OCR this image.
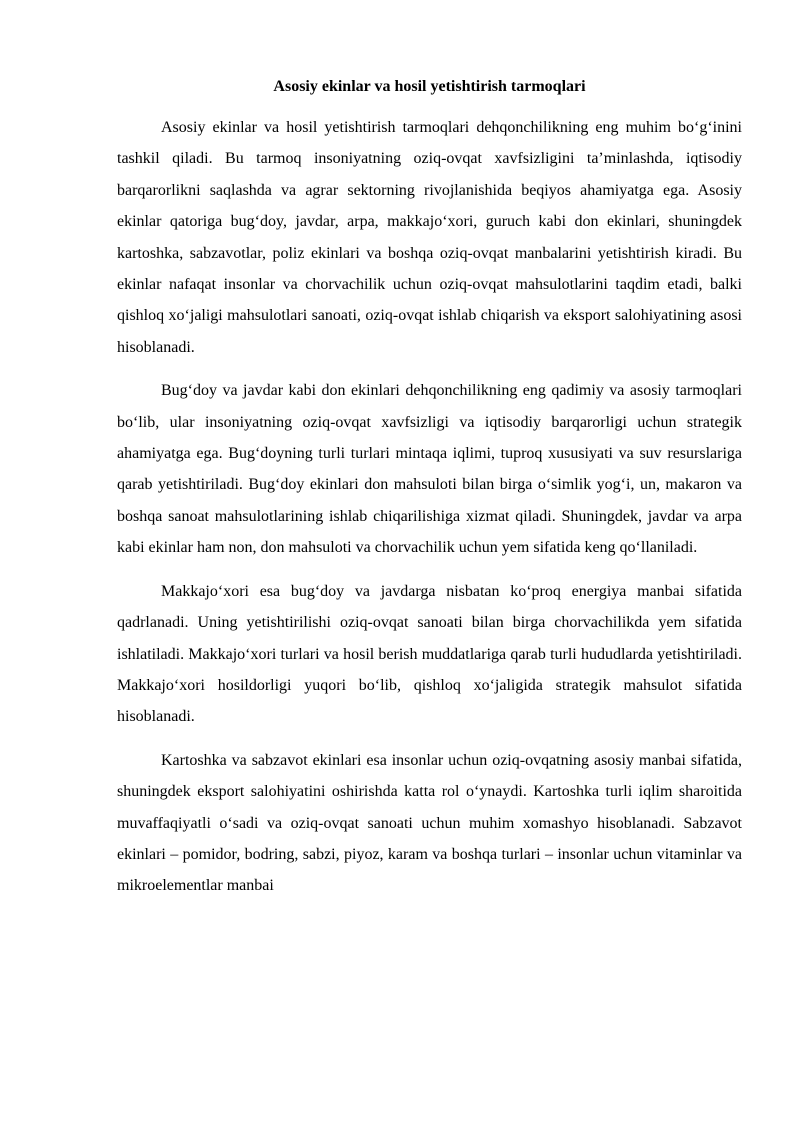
Asosiy ekinlar va hosil yetishtirish tarmoqlari

Asosiy ekinlar va hosil yetishtirish tarmoqlari dehqonchilikning eng muhim bo‘g‘inini tashkil qiladi. Bu tarmoq insoniyatning oziq-ovqat xavfsizligini ta’minlashda, iqtisodiy barqarorlikni saqlashda va agrar sektorning rivojlanishida beqiyos ahamiyatga ega. Asosiy ekinlar qatoriga bug‘doy, javdar, arpa, makkajo‘xori, guruch kabi don ekinlari, shuningdek kartoshka, sabzavotlar, poliz ekinlari va boshqa oziq-ovqat manbalarini yetishtirish kiradi. Bu ekinlar nafaqat insonlar va chorvachilik uchun oziq-ovqat mahsulotlarini taqdim etadi, balki qishloq xo‘jaligi mahsulotlari sanoati, oziq-ovqat ishlab chiqarish va eksport salohiyatining asosi hisoblanadi.

Bug‘doy va javdar kabi don ekinlari dehqonchilikning eng qadimiy va asosiy tarmoqlari bo‘lib, ular insoniyatning oziq-ovqat xavfsizligi va iqtisodiy barqarorligi uchun strategik ahamiyatga ega. Bug‘doyning turli turlari mintaqa iqlimi, tuproq xususiyati va suv resurslariga qarab yetishtiriladi. Bug‘doy ekinlari don mahsuloti bilan birga o‘simlik yog‘i, un, makaron va boshqa sanoat mahsulotlarining ishlab chiqarilishiga xizmat qiladi. Shuningdek, javdar va arpa kabi ekinlar ham non, don mahsuloti va chorvachilik uchun yem sifatida keng qo‘llaniladi.

Makkajo‘xori esa bug‘doy va javdarga nisbatan ko‘proq energiya manbai sifatida qadrlanadi. Uning yetishtirilishi oziq-ovqat sanoati bilan birga chorvachilikda yem sifatida ishlatiladi. Makkajo‘xori turlari va hosil berish muddatlariga qarab turli hududlarda yetishtiriladi. Makkajo‘xori hosildorligi yuqori bo‘lib, qishloq xo‘jaligida strategik mahsulot sifatida hisoblanadi.

Kartoshka va sabzavot ekinlari esa insonlar uchun oziq-ovqatning asosiy manbai sifatida, shuningdek eksport salohiyatini oshirishda katta rol o‘ynaydi. Kartoshka turli iqlim sharoitida muvaffaqiyatli o‘sadi va oziq-ovqat sanoati uchun muhim xomashyo hisoblanadi. Sabzavot ekinlari – pomidor, bodring, sabzi, piyoz, karam va boshqa turlari – insonlar uchun vitaminlar va mikroelementlar manbai
